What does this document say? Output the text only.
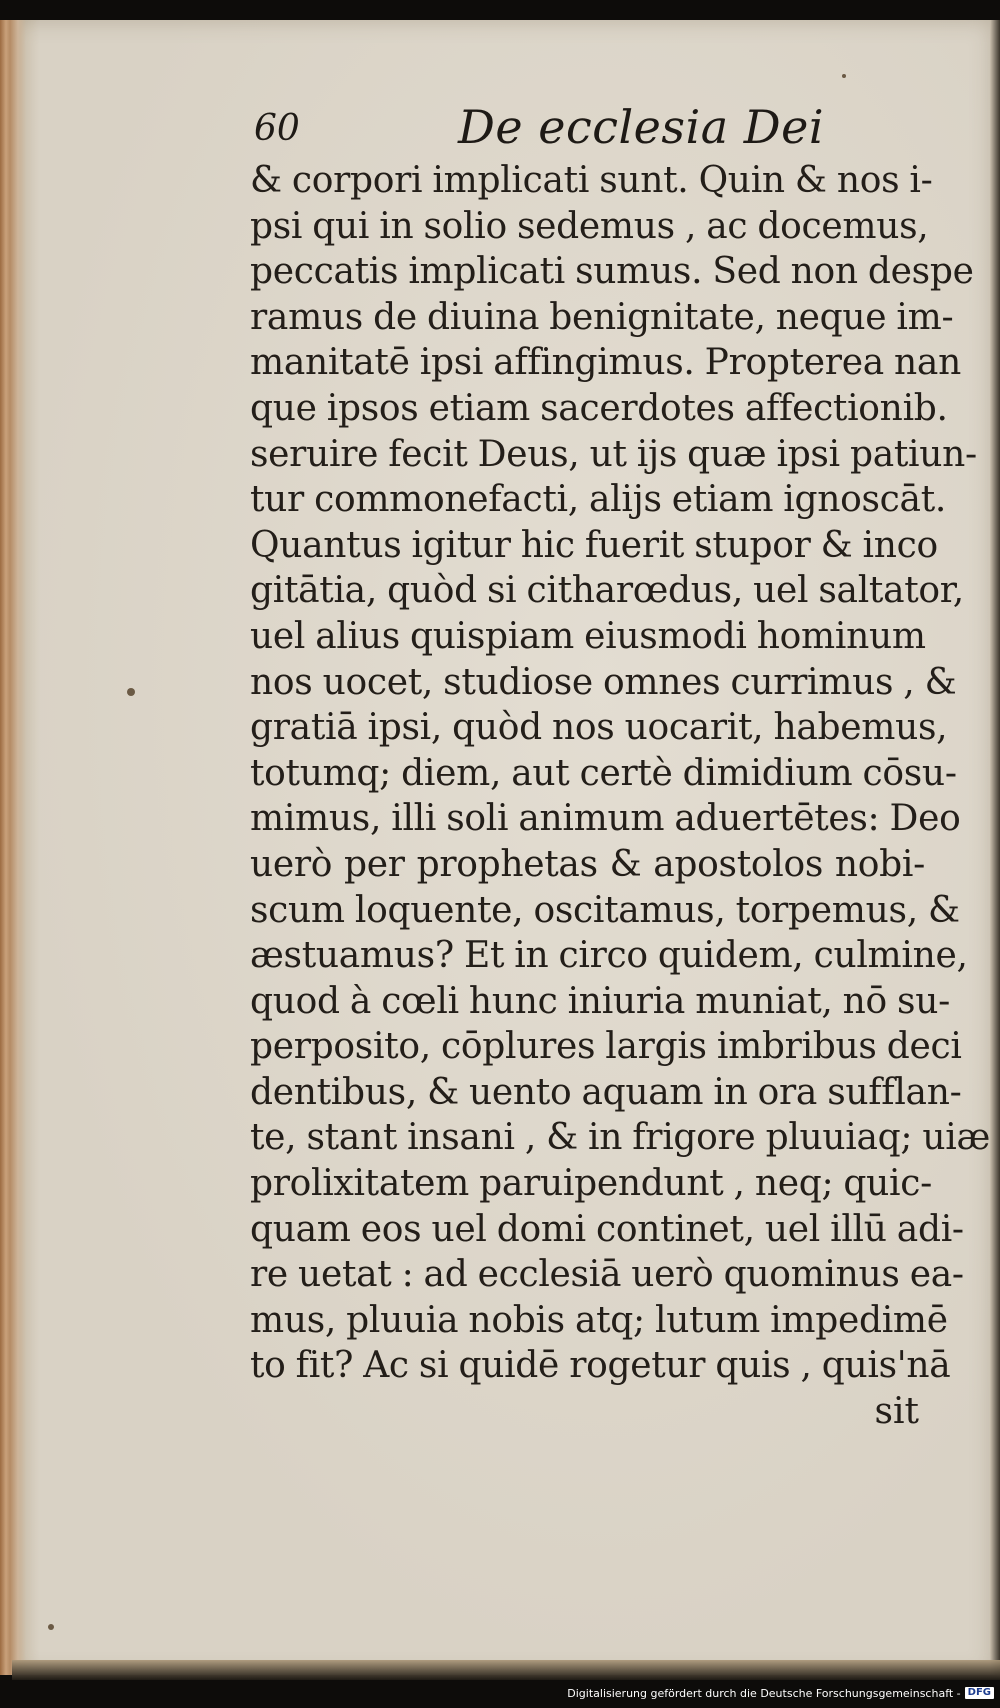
60	De ecclesia Dei
& corpori implicati sunt. Quin & nos i-
psi qui in solio sedemus , ac docemus,
peccatis implicati sumus. Sed non despe
ramus de diuina benignitate, neque im-
manitatē ipsi affingimus. Propterea nan
que ipsos etiam sacerdotes affectionib.
seruire fecit Deus, ut ijs quæ ipsi patiun-
tur commonefacti, alijs etiam ignoscāt.
Quantus igitur hic fuerit stupor & inco
gitātia, quòd si citharœdus, uel saltator,
uel alius quispiam eiusmodi hominum
nos uocet, studiose omnes currimus , &
gratiā ipsi, quòd nos uocarit, habemus,
totumq; diem, aut certè dimidium cōsu-
mimus, illi soli animum aduertētes: Deo
uerò per prophetas & apostolos nobi-
scum loquente, oscitamus, torpemus, &
æstuamus? Et in circo quidem, culmine,
quod à cœli hunc iniuria muniat, nō su-
perposito, cōplures largis imbribus deci
dentibus, & uento aquam in ora sufflan-
te, stant insani , & in frigore pluuiaq; uiæ
prolixitatem paruipendunt , neq; quic-
quam eos uel domi continet, uel illū adi-
re uetat : ad ecclesiā uerò quominus ea-
mus, pluuia nobis atq; lutum impedimē
to fit? Ac si quidē rogetur quis , quis'nā
sit
Digitalisierung gefördert durch die Deutsche Forschungsgemeinschaft - DFG
